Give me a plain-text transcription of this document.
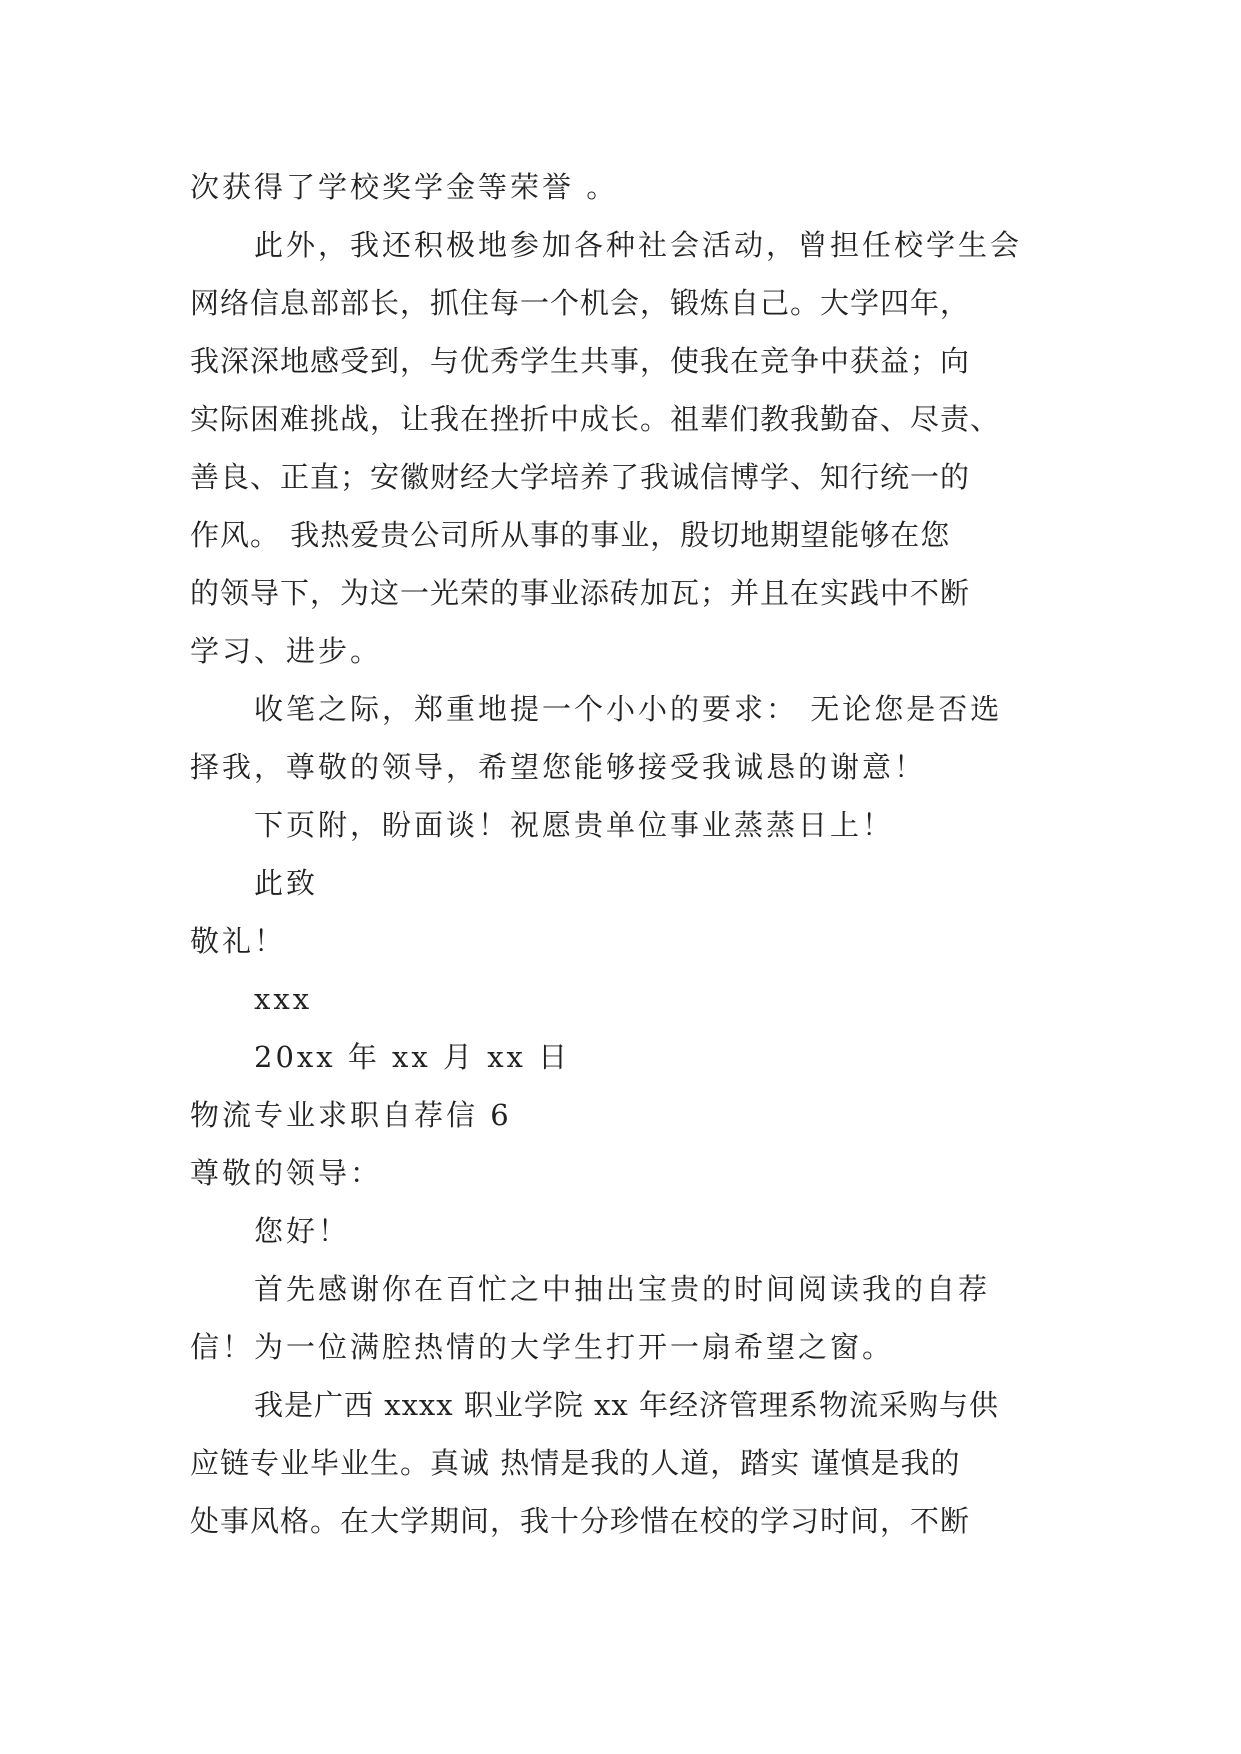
次获得了学校奖学金等荣誉 。
此外，我还积极地参加各种社会活动，曾担任校学生会
网络信息部部长，抓住每一个机会，锻炼自己。大学四年，
我深深地感受到，与优秀学生共事，使我在竞争中获益；向
实际困难挑战，让我在挫折中成长。祖辈们教我勤奋、尽责、
善良、正直；安徽财经大学培养了我诚信博学、知行统一的
作风。 我热爱贵公司所从事的事业，殷切地期望能够在您
的领导下，为这一光荣的事业添砖加瓦；并且在实践中不断
学习、进步。
收笔之际，郑重地提一个小小的要求： 无论您是否选
择我，尊敬的领导，希望您能够接受我诚恳的谢意！
下页附，盼面谈！祝愿贵单位事业蒸蒸日上！
此致
敬礼！
xxx
20xx 年 xx 月 xx 日
物流专业求职自荐信 6
尊敬的领导：
您好！
首先感谢你在百忙之中抽出宝贵的时间阅读我的自荐
信！为一位满腔热情的大学生打开一扇希望之窗。
我是广西 xxxx 职业学院 xx 年经济管理系物流采购与供
应链专业毕业生。真诚 热情是我的人道，踏实 谨慎是我的
处事风格。在大学期间，我十分珍惜在校的学习时间，不断
